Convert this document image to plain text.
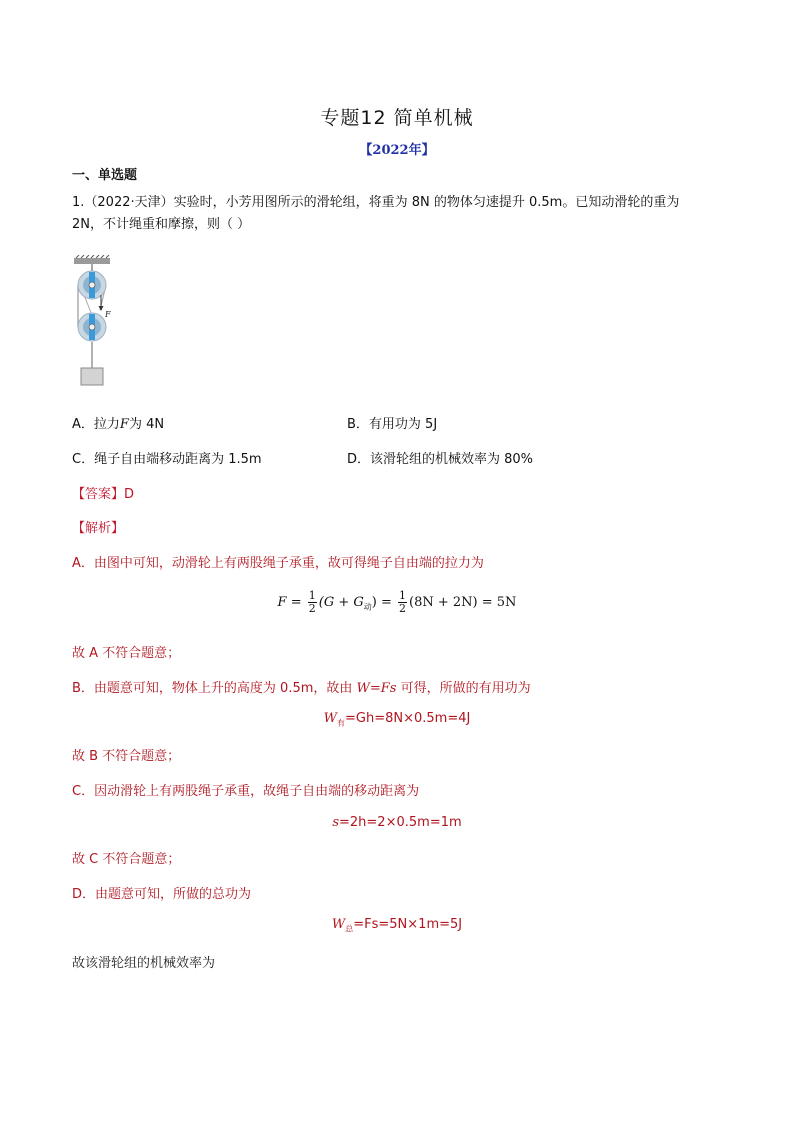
专题12 简单机械
【2022年】
一、单选题
1.（2022·天津）实验时，小芳用图所示的滑轮组，将重为 8N 的物体匀速提升 0.5m。已知动滑轮的重为
2N，不计绳重和摩擦，则（ ）
F
A．拉力F为 4N	B．有用功为 5J
C．绳子自由端移动距离为 1.5m	D．该滑轮组的机械效率为 80%
【答案】D
【解析】
A．由图中可知，动滑轮上有两股绳子承重，故可得绳子自由端的拉力为
$F = \frac{1}{2} (G + G_动) = \frac{1}{2} (8N + 2N) = 5N$
故 A 不符合题意；
B．由题意可知，物体上升的高度为 0.5m，故由 W=Fs 可得，所做的有用功为
$W_有=Gh=8N\times 0.5m=4J$
故 B 不符合题意；
C．因动滑轮上有两股绳子承重，故绳子自由端的移动距离为
s=2h=2×0.5m=1m
故 C 不符合题意；
D．由题意可知，所做的总功为
$W_总=Fs=5N\times 1m=5J$
故该滑轮组的机械效率为
